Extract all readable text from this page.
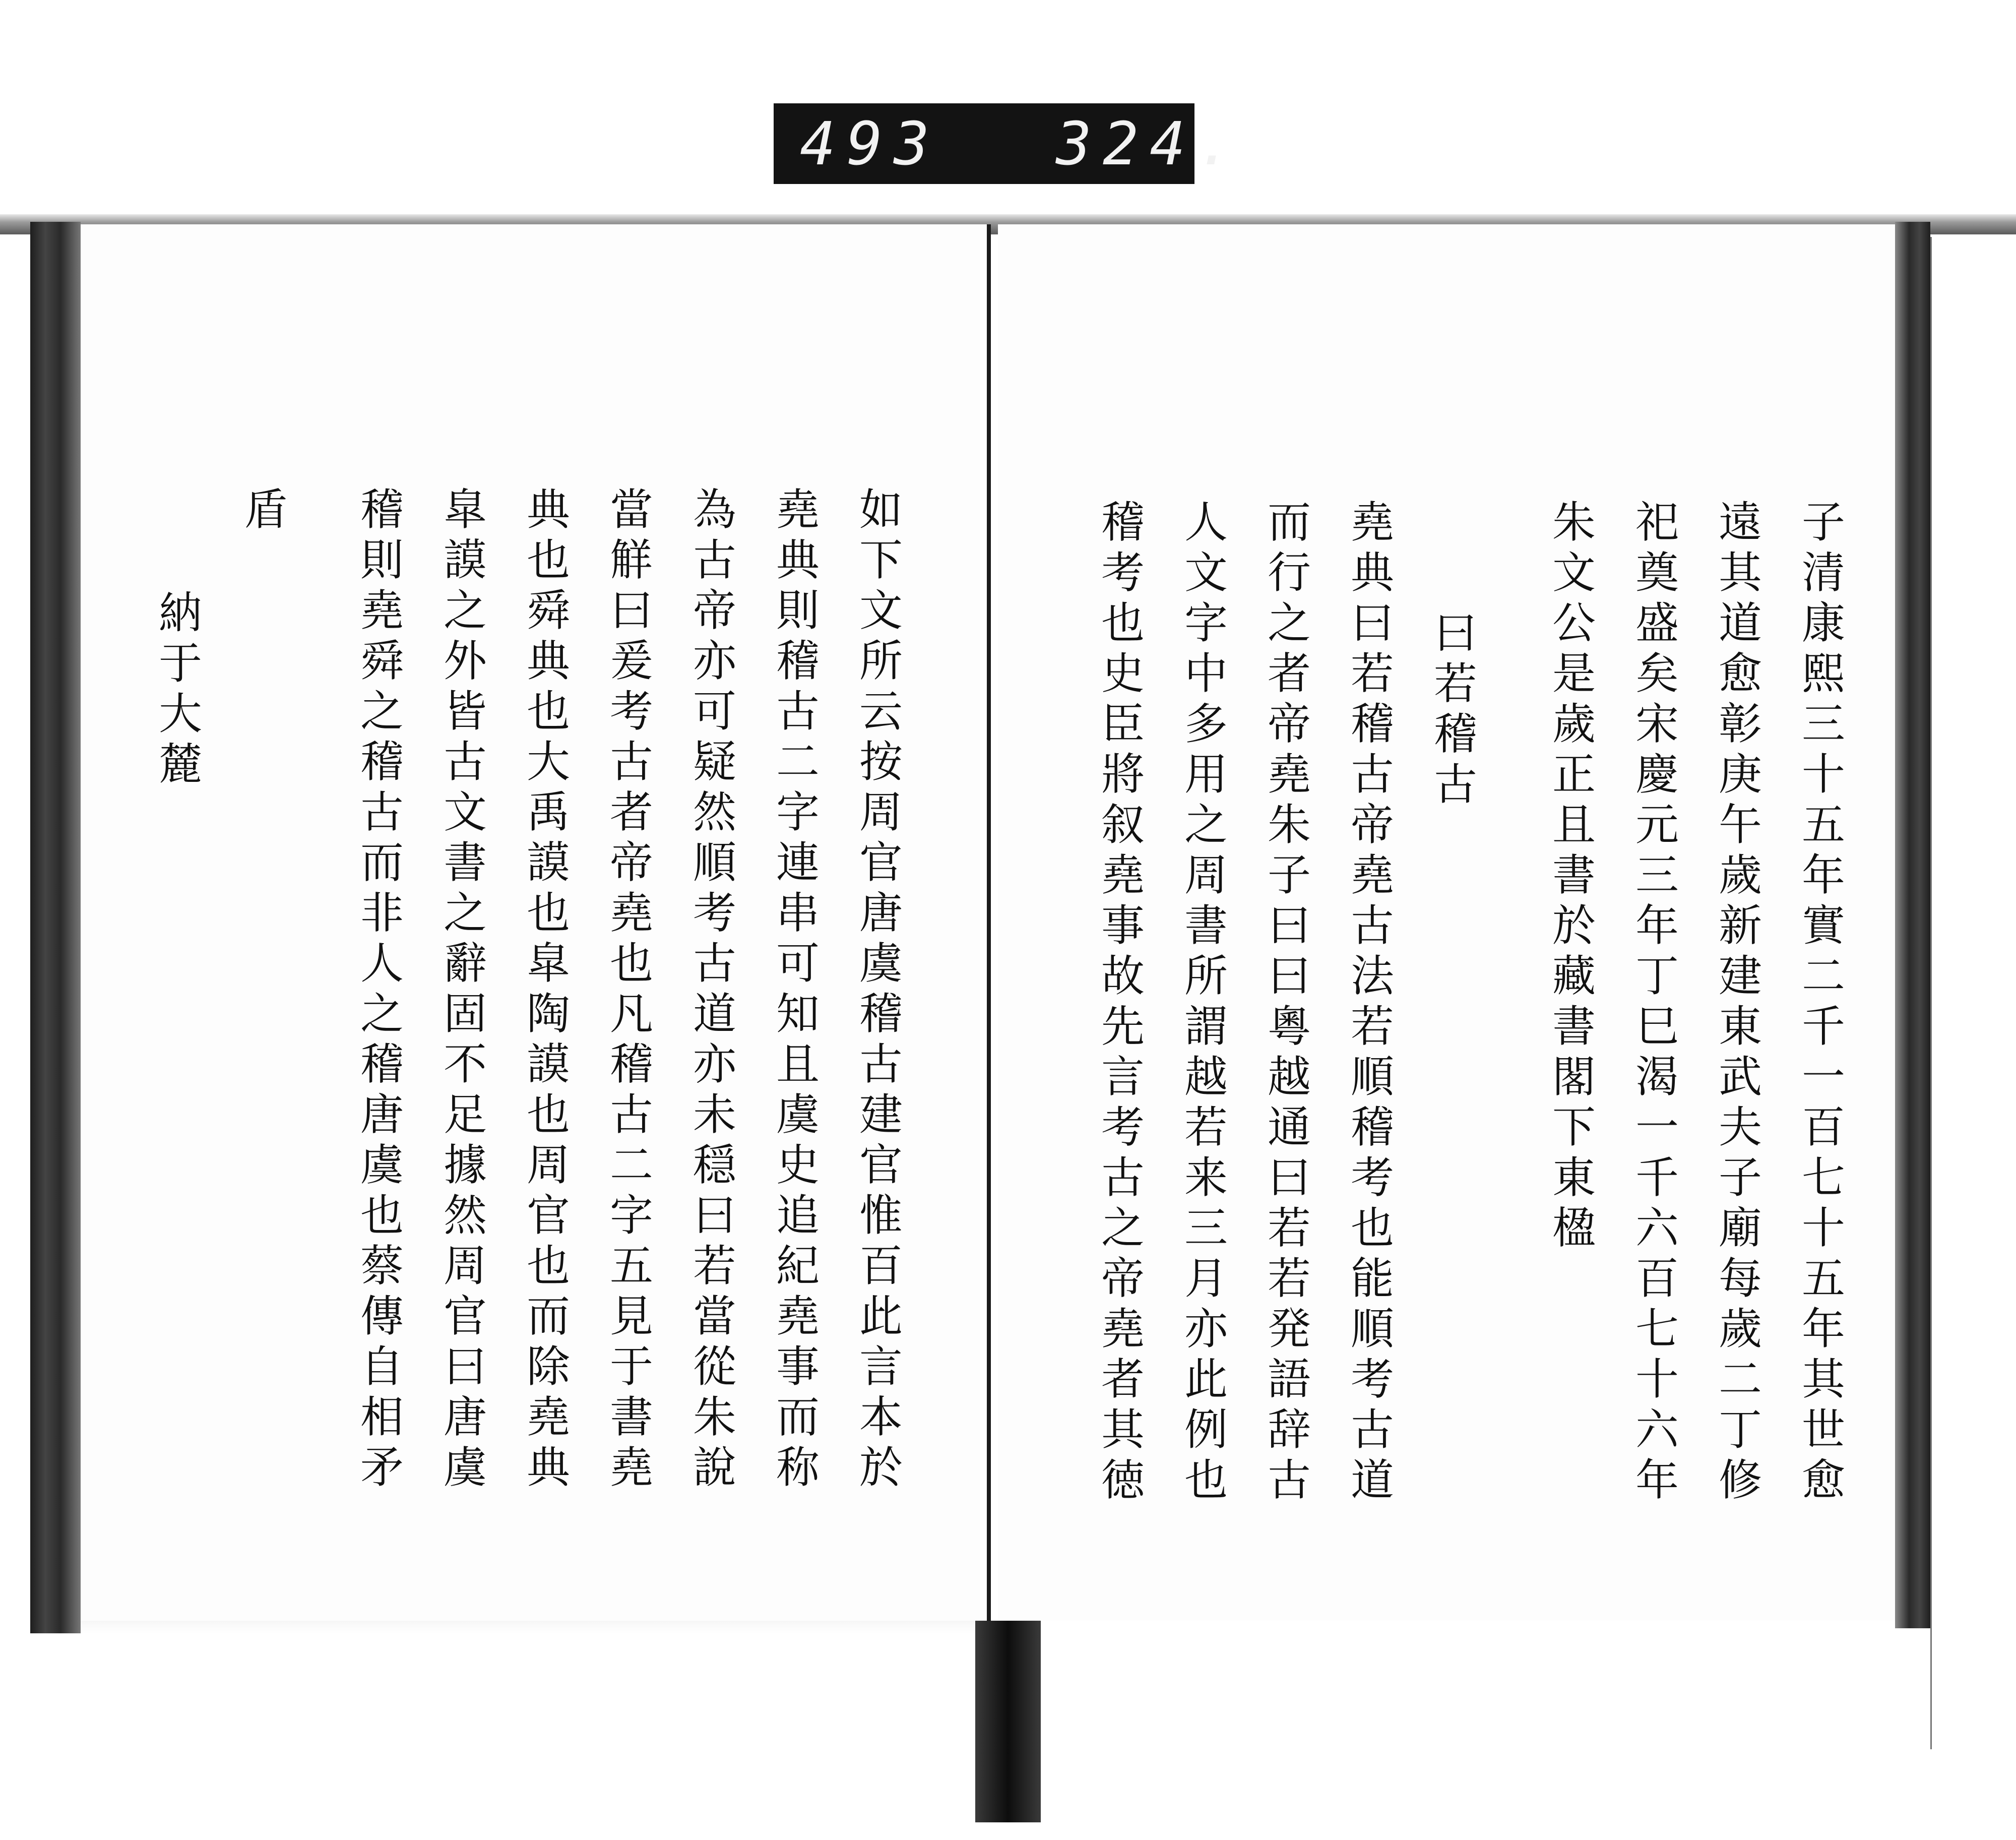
493 324.
子清康熙三十五年實二千一百七十五年其世愈
遠其道愈彰庚午歲新建東武夫子廟每歲二丁修
祀奠盛矣宋慶元三年丁巳渴一千六百七十六年
朱文公是歲正且書於藏書閣下東楹
曰若稽古
堯典曰若稽古帝堯古法若順稽考也能順考古道
而行之者帝堯朱子曰曰粵越通曰若若発語辞古
人文字中多用之周書所謂越若来三月亦此例也
稽考也史臣將叙堯事故先言考古之帝堯者其徳
如下文所云按周官唐虞稽古建官惟百此言本於
堯典則稽古二字連串可知且虞史追紀堯事而称
為古帝亦可疑然順考古道亦未穏曰若當從朱說
當觧曰爰考古者帝堯也凡稽古二字五見于書堯
典也舜典也大禹謨也皐陶謨也周官也而除堯典
皐謨之外皆古文書之辭固不足據然周官曰唐虞
稽則堯舜之稽古而非人之稽唐虞也蔡傳自相矛
盾
納于大麓
